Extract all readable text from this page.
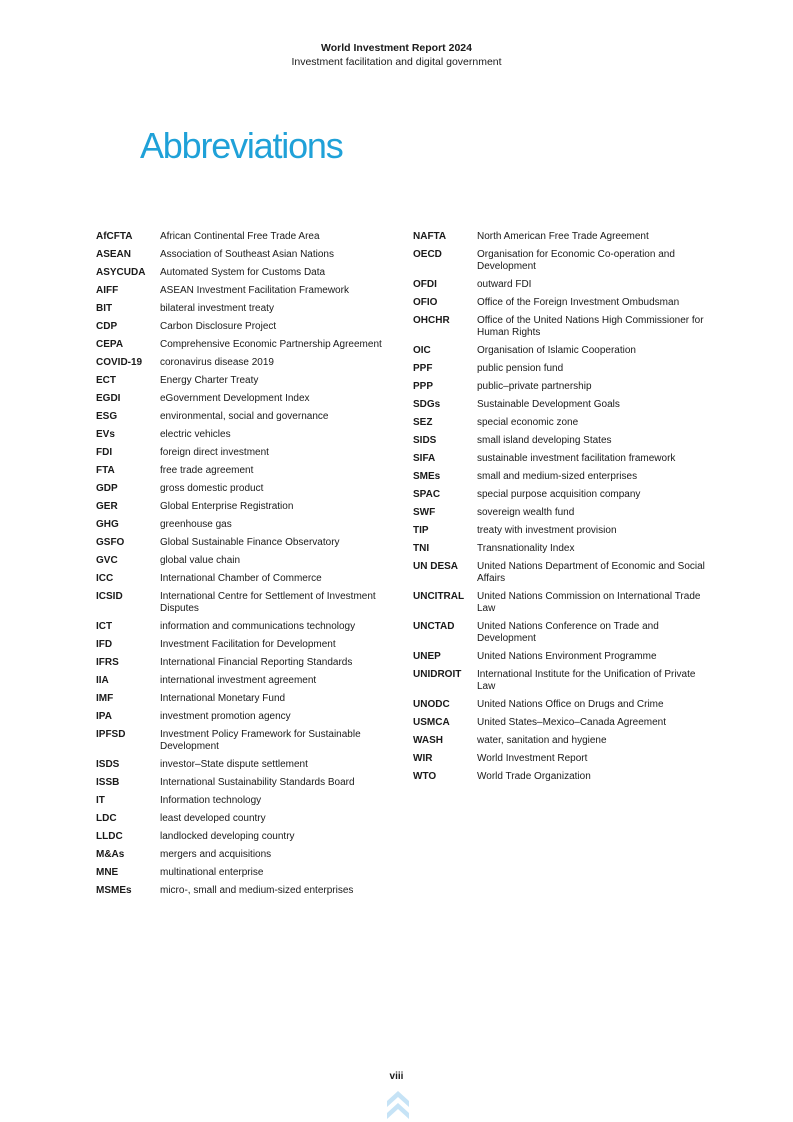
World Investment Report 2024
Investment facilitation and digital government
Abbreviations
AfCFTA	African Continental Free Trade Area
ASEAN	Association of Southeast Asian Nations
ASYCUDA	Automated System for Customs Data
AIFF	ASEAN Investment Facilitation Framework
BIT	bilateral investment treaty
CDP	Carbon Disclosure Project
CEPA	Comprehensive Economic Partnership Agreement
COVID-19	coronavirus disease 2019
ECT	Energy Charter Treaty
EGDI	eGovernment Development Index
ESG	environmental, social and governance
EVs	electric vehicles
FDI	foreign direct investment
FTA	free trade agreement
GDP	gross domestic product
GER	Global Enterprise Registration
GHG	greenhouse gas
GSFO	Global Sustainable Finance Observatory
GVC	global value chain
ICC	International Chamber of Commerce
ICSID	International Centre for Settlement of Investment Disputes
ICT	information and communications technology
IFD	Investment Facilitation for Development
IFRS	International Financial Reporting Standards
IIA	international investment agreement
IMF	International Monetary Fund
IPA	investment promotion agency
IPFSD	Investment Policy Framework for Sustainable Development
ISDS	investor–State dispute settlement
ISSB	International Sustainability Standards Board
IT	Information technology
LDC	least developed country
LLDC	landlocked developing country
M&As	mergers and acquisitions
MNE	multinational enterprise
MSMEs	micro-, small and medium-sized enterprises
NAFTA	North American Free Trade Agreement
OECD	Organisation for Economic Co-operation and Development
OFDI	outward FDI
OFIO	Office of the Foreign Investment Ombudsman
OHCHR	Office of the United Nations High Commissioner for Human Rights
OIC	Organisation of Islamic Cooperation
PPF	public pension fund
PPP	public–private partnership
SDGs	Sustainable Development Goals
SEZ	special economic zone
SIDS	small island developing States
SIFA	sustainable investment facilitation framework
SMEs	small and medium-sized enterprises
SPAC	special purpose acquisition company
SWF	sovereign wealth fund
TIP	treaty with investment provision
TNI	Transnationality Index
UN DESA	United Nations Department of Economic and Social Affairs
UNCITRAL	United Nations Commission on International Trade Law
UNCTAD	United Nations Conference on Trade and Development
UNEP	United Nations Environment Programme
UNIDROIT	International Institute for the Unification of Private Law
UNODC	United Nations Office on Drugs and Crime
USMCA	United States–Mexico–Canada Agreement
WASH	water, sanitation and hygiene
WIR	World Investment Report
WTO	World Trade Organization
viii
